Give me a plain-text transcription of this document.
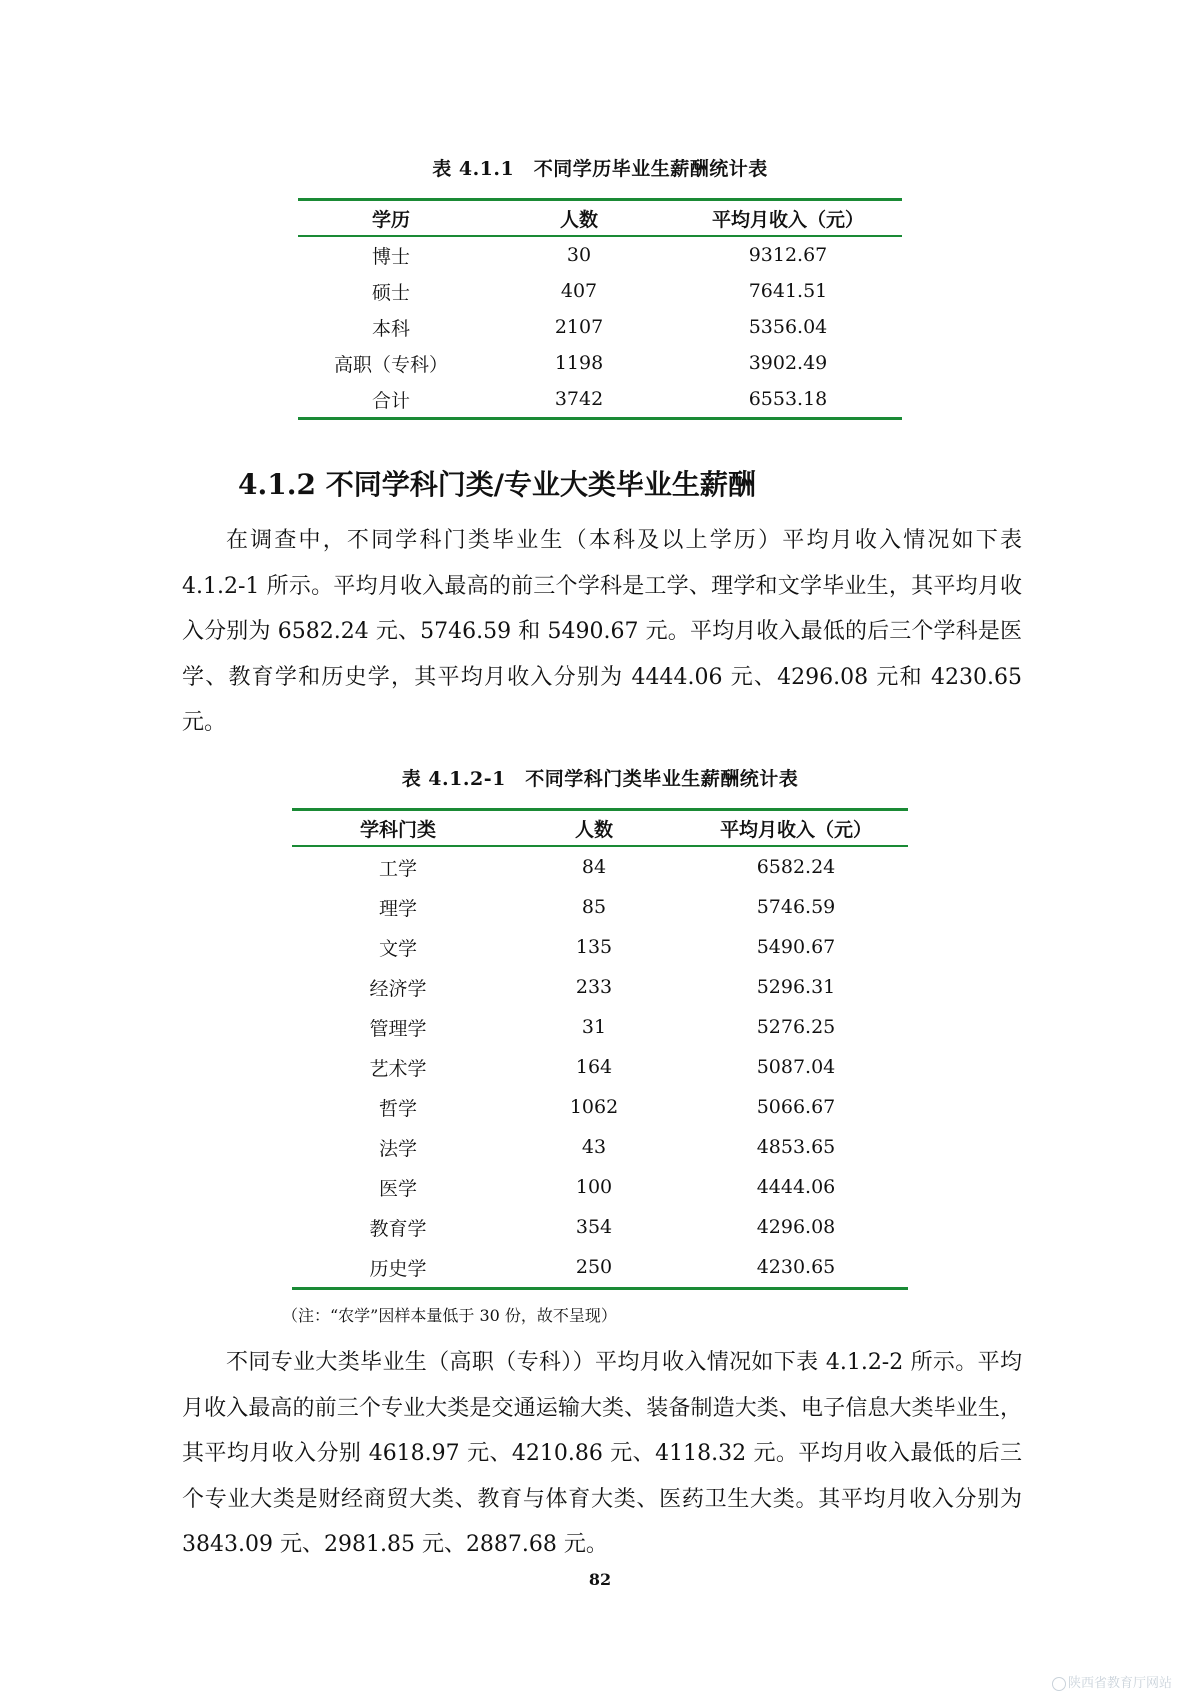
表 4.1.1　不同学历毕业生薪酬统计表
学历	人数	平均月收入（元）
博士	30	9312.67
硕士	407	7641.51
本科	2107	5356.04
高职（专科）	1198	3902.49
合计	3742	6553.18
4.1.2 不同学科门类/专业大类毕业生薪酬

在调查中，不同学科门类毕业生（本科及以上学历）平均月收入情况如下表 4.1.2-1 所示。平均月收入最高的前三个学科是工学、理学和文学毕业生，其平均月收入分别为 6582.24 元、5746.59 和 5490.67 元。平均月收入最低的后三个学科是医学、教育学和历史学，其平均月收入分别为 4444.06 元、4296.08 元和 4230.65 元。

表 4.1.2-1　不同学科门类毕业生薪酬统计表
学科门类	人数	平均月收入（元）
工学	84	6582.24
理学	85	5746.59
文学	135	5490.67
经济学	233	5296.31
管理学	31	5276.25
艺术学	164	5087.04
哲学	1062	5066.67
法学	43	4853.65
医学	100	4444.06
教育学	354	4296.08
历史学	250	4230.65
（注：“农学”因样本量低于 30 份，故不呈现）

不同专业大类毕业生（高职（专科））平均月收入情况如下表 4.1.2-2 所示。平均月收入最高的前三个专业大类是交通运输大类、装备制造大类、电子信息大类毕业生，其平均月收入分别 4618.97 元、4210.86 元、4118.32 元。平均月收入最低的后三个专业大类是财经商贸大类、教育与体育大类、医药卫生大类。其平均月收入分别为 3843.09 元、2981.85 元、2887.68 元。

82
陕西省教育厅网站
